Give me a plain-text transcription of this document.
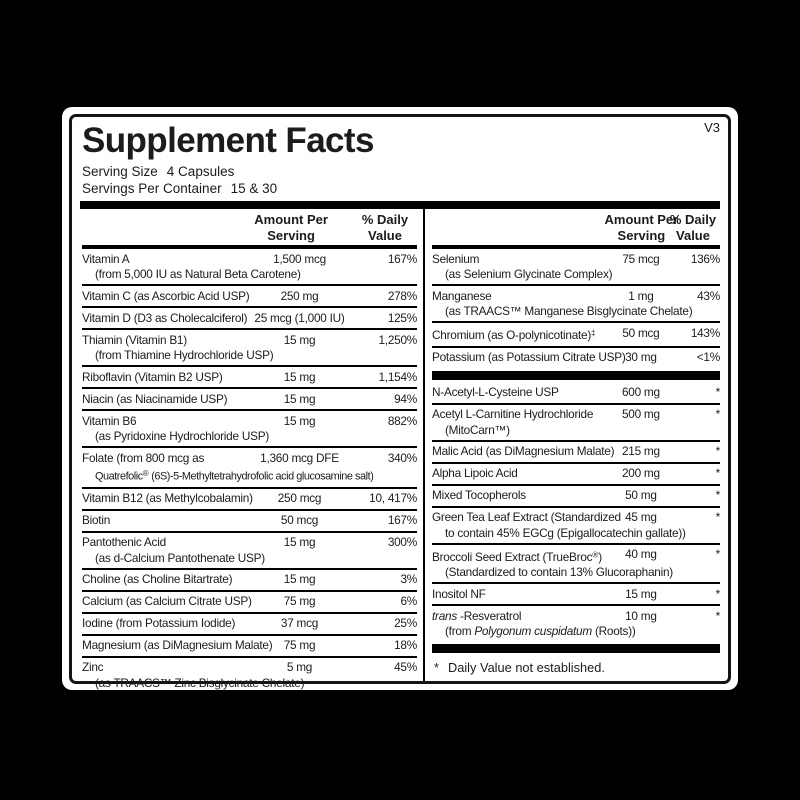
V3
Supplement Facts
Serving Size 4 Capsules
Servings Per Container 15 & 30
Amount Per
Serving
% Daily
Value
Vitamin A	1,500 mcg	167%
(from 5,000 IU as Natural Beta Carotene)
Vitamin C (as Ascorbic Acid USP)	250 mg	278%
Vitamin D (D3 as Cholecalciferol) 25 mcg (1,000 IU)	125%
Thiamin (Vitamin B1)	15 mg	1,250%
(from Thiamine Hydrochloride USP)
Riboflavin (Vitamin B2 USP)	15 mg	1,154%
Niacin (as Niacinamide USP)	15 mg	94%
Vitamin B6	15 mg	882%
(as Pyridoxine Hydrochloride USP)
Folate (from 800 mcg as	1,360 mcg DFE	340%
Quatrefolic® (6S)-5-Methyltetrahydrofolic acid glucosamine salt)
Vitamin B12 (as Methylcobalamin)	250 mcg	10, 417%
Biotin	50 mcg	167%
Pantothenic Acid	15 mg	300%
(as d-Calcium Pantothenate USP)
Choline (as Choline Bitartrate)	15 mg	3%
Calcium (as Calcium Citrate USP)	75 mg	6%
Iodine (from Potassium Iodide)	37 mcg	25%
Magnesium (as DiMagnesium Malate) 75 mg	18%
Zinc	5 mg	45%
(as TRAACS™ Zinc Bisglycinate Chelate)
Amount Per
Serving
% Daily
Value
Selenium	75 mcg	136%
(as Selenium Glycinate Complex)
Manganese	1 mg	43%
(as TRAACS™ Manganese Bisglycinate Chelate)
Chromium (as O-polynicotinate)‡	50 mcg	143%
Potassium (as Potassium Citrate USP) 30 mg	<1%
N-Acetyl-L-Cysteine USP	600 mg	*
Acetyl L-Carnitine Hydrochloride	500 mg	*
(MitoCarn™)
Malic Acid (as DiMagnesium Malate) 215 mg	*
Alpha Lipoic Acid	200 mg	*
Mixed Tocopherols	50 mg	*
Green Tea Leaf Extract (Standardized 45 mg	*
to contain 45% EGCg (Epigallocatechin gallate))
Broccoli Seed Extract (TrueBroc®)	40 mg	*
(Standardized to contain 13% Glucoraphanin)
Inositol NF	15 mg	*
trans -Resveratrol	10 mg	*
(from Polygonum cuspidatum (Roots))
* Daily Value not established.
